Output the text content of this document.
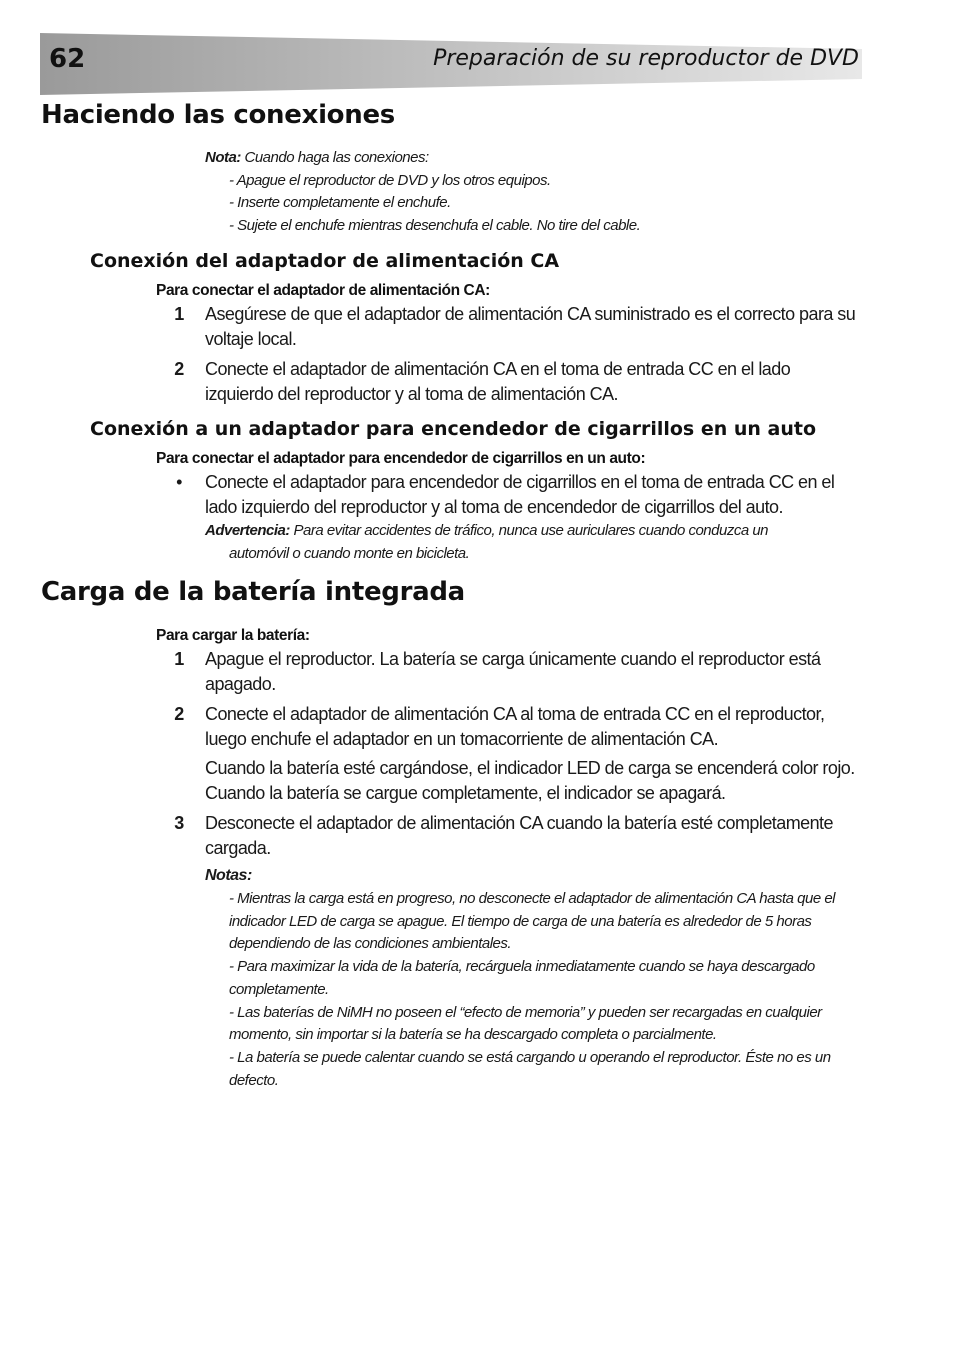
62	Preparación de su reproductor de DVD
Haciendo las conexiones
Nota: Cuando haga las conexiones:
- Apague el reproductor de DVD y los otros equipos.
- Inserte completamente el enchufe.
- Sujete el enchufe mientras desenchufa el cable. No tire del cable.
Conexión del adaptador de alimentación CA
Para conectar el adaptador de alimentación CA:
1 Asegúrese de que el adaptador de alimentación CA suministrado es el correcto para su voltaje local.
2 Conecte el adaptador de alimentación CA en el toma de entrada CC en el lado izquierdo del reproductor y al toma de alimentación CA.
Conexión a un adaptador para encendedor de cigarrillos en un auto
Para conectar el adaptador para encendedor de cigarrillos en un auto:
•	Conecte el adaptador para encendedor de cigarrillos en el toma de entrada CC en el lado izquierdo del reproductor y al toma de encendedor de cigarrillos del auto.
Advertencia: Para evitar accidentes de tráfico, nunca use auriculares cuando conduzca un
automóvil o cuando monte en bicicleta.
Carga de la batería integrada
Para cargar la batería:
1 Apague el reproductor. La batería se carga únicamente cuando el reproductor está apagado.
2 Conecte el adaptador de alimentación CA al toma de entrada CC en el reproductor, luego enchufe el adaptador en un tomacorriente de alimentación CA.
Cuando la batería esté cargándose, el indicador LED de carga se encenderá color rojo. Cuando la batería se cargue completamente, el indicador se apagará.
3 Desconecte el adaptador de alimentación CA cuando la batería esté completamente cargada.
Notas:

- Mientras la carga está en progreso, no desconecte el adaptador de alimentación CA hasta que el indicador LED de carga se apague. El tiempo de carga de una batería es alrededor de 5 horas dependiendo de las condiciones ambientales.

- Para maximizar la vida de la batería, recárguela inmediatamente cuando se haya descargado completamente.

- Las baterías de NiMH no poseen el “efecto de memoria” y pueden ser recargadas en cualquier momento, sin importar si la batería se ha descargado completa o parcialmente.

- La batería se puede calentar cuando se está cargando u operando el reproductor. Éste no es un defecto.
